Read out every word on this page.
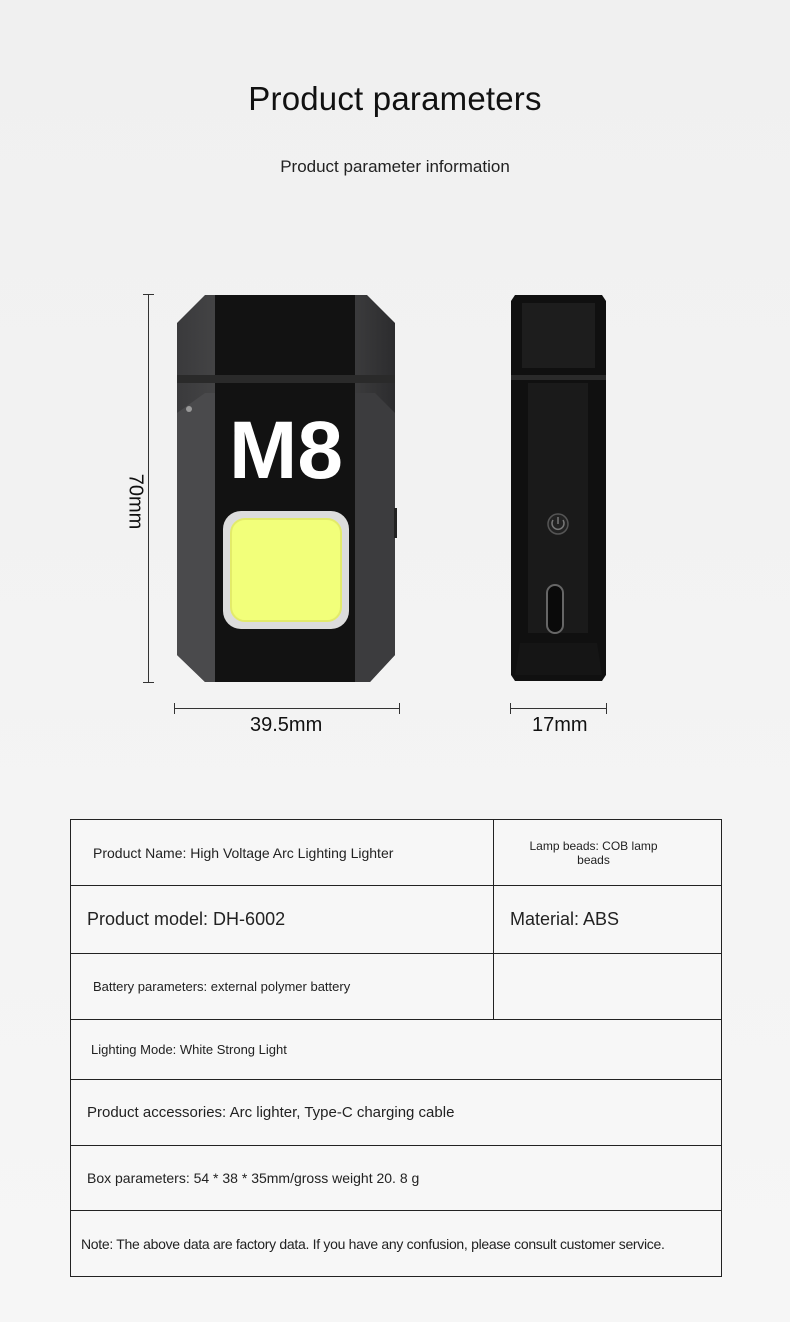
Product parameters
Product parameter information
70mm
M8
39.5mm	17mm
Product Name: High Voltage Arc Lighting Lighter	Lamp beads: COB lamp beads
Product model: DH-6002	Material: ABS
Battery parameters: external polymer battery	
Lighting Mode: White Strong Light	
Product accessories: Arc lighter, Type-C charging cable	
Box parameters: 54 * 38 * 35mm/gross weight 20. 8 g	
Note: The above data are factory data. If you have any confusion, please consult customer service.	
